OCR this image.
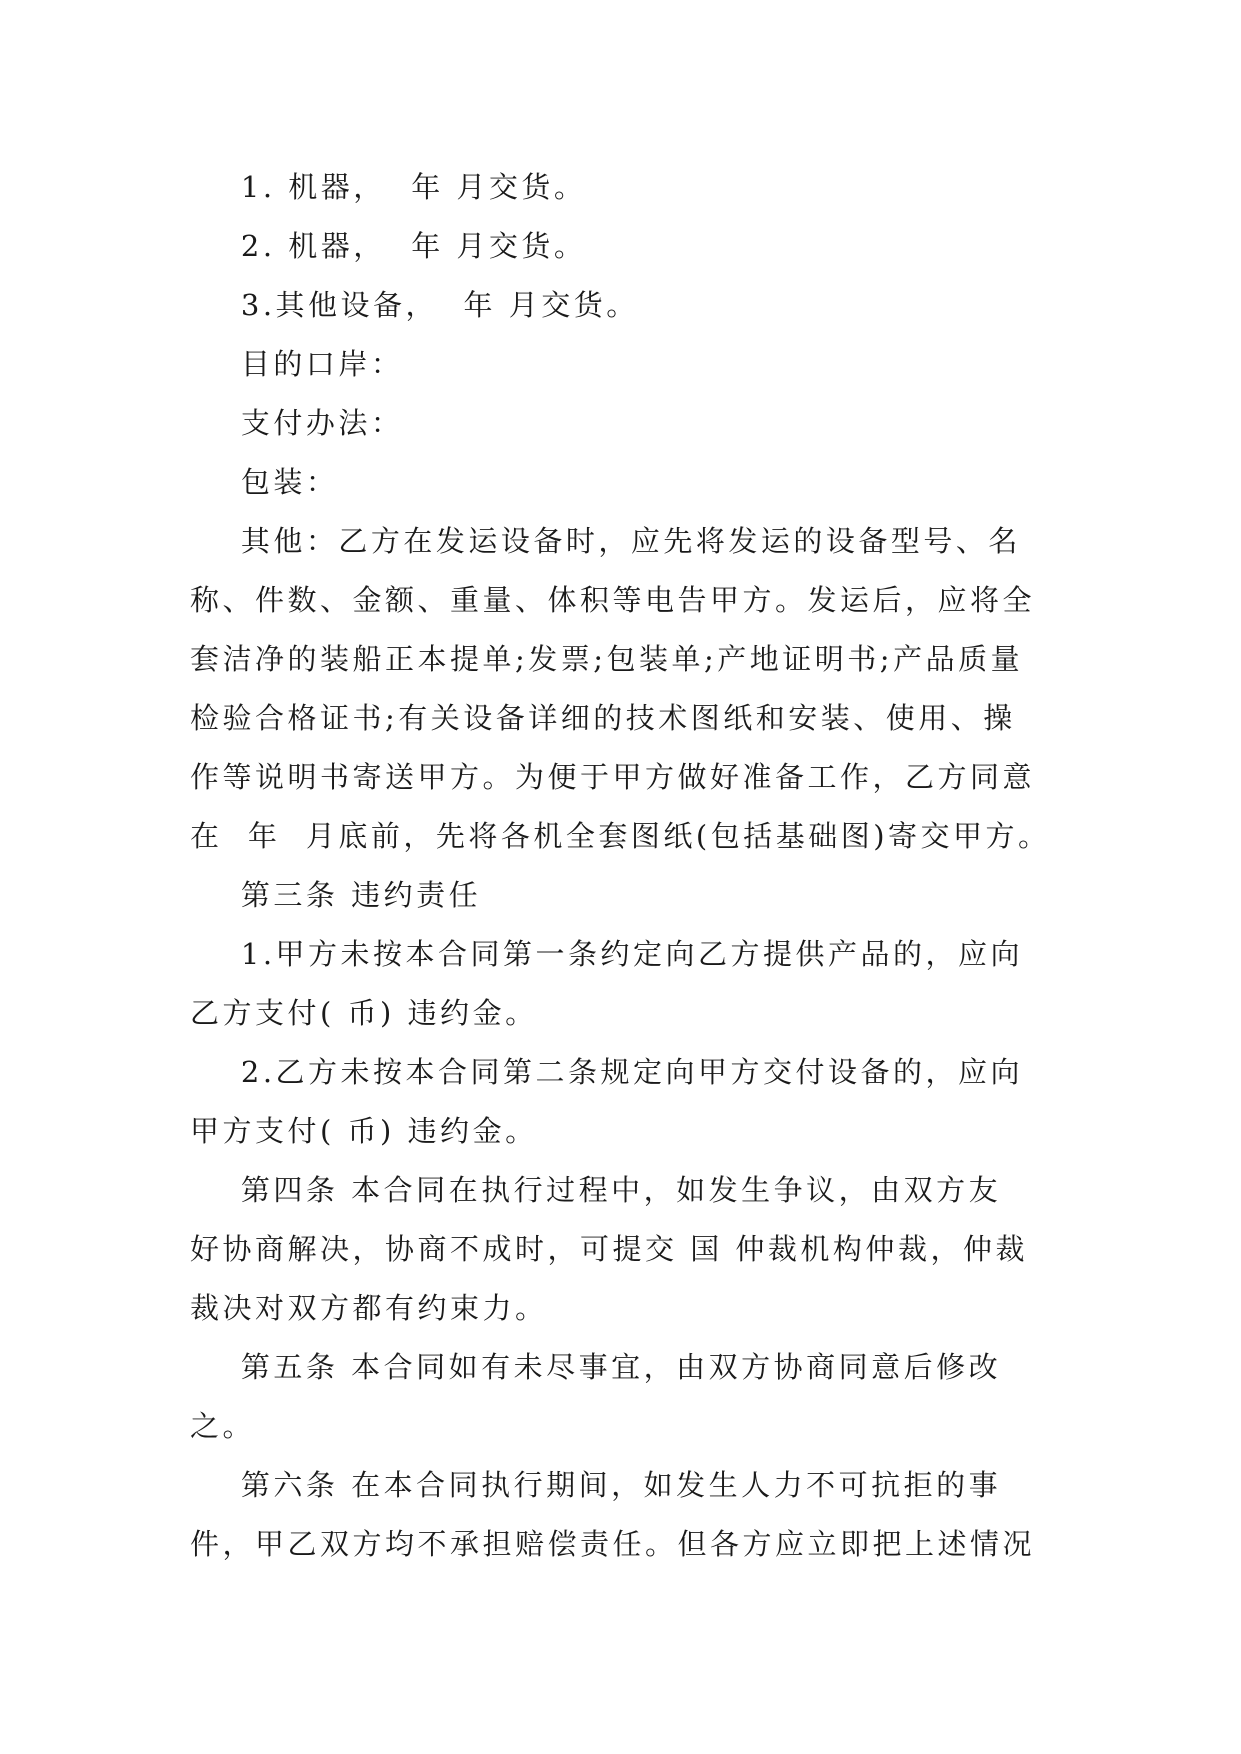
1. 机器，  年 月交货。

2. 机器，  年 月交货。

3.其他设备，  年 月交货。

目的口岸：

支付办法：

包装：

其他：乙方在发运设备时，应先将发运的设备型号、名

称、件数、金额、重量、体积等电告甲方。发运后，应将全

套洁净的装船正本提单;发票;包装单;产地证明书;产品质量

检验合格证书;有关设备详细的技术图纸和安装、使用、操

作等说明书寄送甲方。为便于甲方做好准备工作，乙方同意

在  年  月底前，先将各机全套图纸(包括基础图)寄交甲方。

第三条 违约责任

1.甲方未按本合同第一条约定向乙方提供产品的，应向

乙方支付( 币) 违约金。

2.乙方未按本合同第二条规定向甲方交付设备的，应向

甲方支付( 币) 违约金。

第四条 本合同在执行过程中，如发生争议，由双方友

好协商解决，协商不成时，可提交 国 仲裁机构仲裁，仲裁

裁决对双方都有约束力。

第五条 本合同如有未尽事宜，由双方协商同意后修改

之。

第六条 在本合同执行期间，如发生人力不可抗拒的事

件，甲乙双方均不承担赔偿责任。但各方应立即把上述情况
